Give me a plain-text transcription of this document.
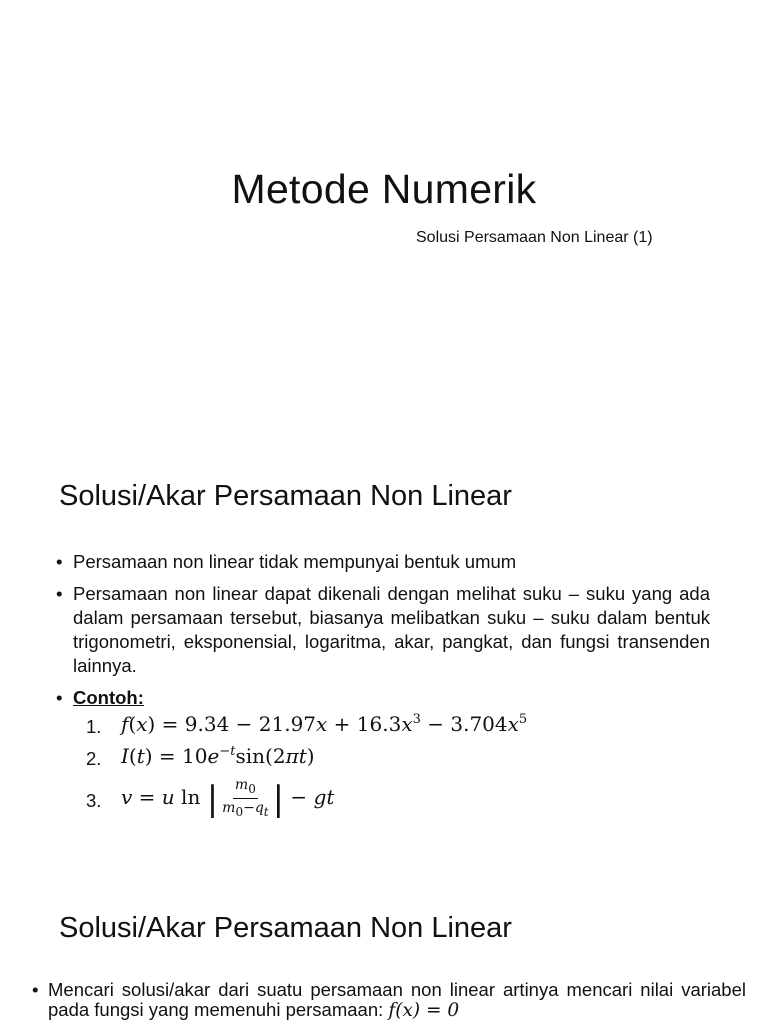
Metode Numerik

Solusi Persamaan Non Linear (1)

Solusi/Akar Persamaan Non Linear
• Persamaan non linear tidak mempunyai bentuk umum
• Persamaan non linear dapat dikenali dengan melihat suku – suku yang ada dalam persamaan tersebut, biasanya melibatkan suku – suku dalam bentuk trigonometri, eksponensial, logaritma, akar, pangkat, dan fungsi transenden lainnya.
• Contoh:
1. $f(x) = 9.34 - 21.97x + 16.3x^3 - 3.704x^5$
2. $I(t) = 10e^{-t}\sin(2\pi t)$
3. v = u ln | $\frac{m_0}{m_0-q_t}$ | − gt
Solusi/Akar Persamaan Non Linear
• Mencari solusi/akar dari suatu persamaan non linear artinya mencari nilai variabel pada fungsi yang memenuhi persamaan: f(x) = 0
